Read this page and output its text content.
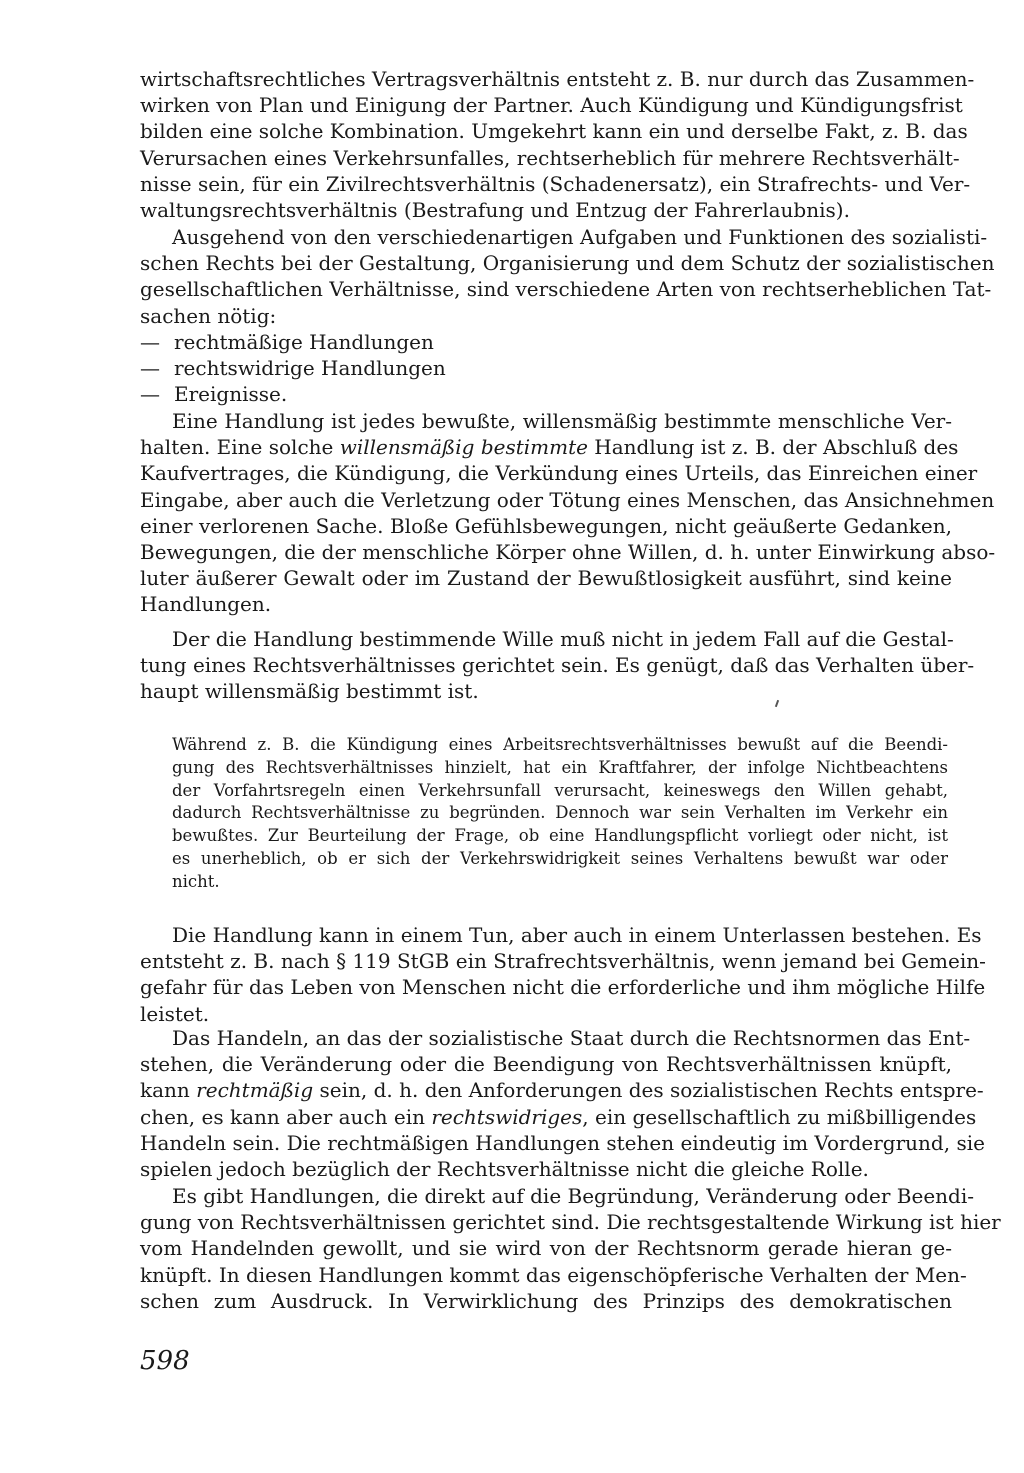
wirtschaftsrechtliches Vertragsverhältnis entsteht z. B. nur durch das Zusammen-
wirken von Plan und Einigung der Partner. Auch Kündigung und Kündigungsfrist
bilden eine solche Kombination. Umgekehrt kann ein und derselbe Fakt, z. B. das
Verursachen eines Verkehrsunfalles, rechtserheblich für mehrere Rechtsverhält-
nisse sein, für ein Zivilrechtsverhältnis (Schadenersatz), ein Strafrechts- und Ver-
waltungsrechtsverhältnis (Bestrafung und Entzug der Fahrerlaubnis).
Ausgehend von den verschiedenartigen Aufgaben und Funktionen des sozialisti-
schen Rechts bei der Gestaltung, Organisierung und dem Schutz der sozialistischen
gesellschaftlichen Verhältnisse, sind verschiedene Arten von rechtserheblichen Tat-
sachen nötig:
— rechtmäßige Handlungen
— rechtswidrige Handlungen
— Ereignisse.
Eine Handlung ist jedes bewußte, willensmäßig bestimmte menschliche Ver-
halten. Eine solche willensmäßig bestimmte Handlung ist z. B. der Abschluß des
Kaufvertrages, die Kündigung, die Verkündung eines Urteils, das Einreichen einer
Eingabe, aber auch die Verletzung oder Tötung eines Menschen, das Ansichnehmen
einer verlorenen Sache. Bloße Gefühlsbewegungen, nicht geäußerte Gedanken,
Bewegungen, die der menschliche Körper ohne Willen, d. h. unter Einwirkung abso-
luter äußerer Gewalt oder im Zustand der Bewußtlosigkeit ausführt, sind keine
Handlungen.
Der die Handlung bestimmende Wille muß nicht in jedem Fall auf die Gestal-
tung eines Rechtsverhältnisses gerichtet sein. Es genügt, daß das Verhalten über-
haupt willensmäßig bestimmt ist.
Während z. B. die Kündigung eines Arbeitsrechtsverhältnisses bewußt auf die Beendi-
gung des Rechtsverhältnisses hinzielt, hat ein Kraftfahrer, der infolge Nichtbeachtens
der Vorfahrtsregeln einen Verkehrsunfall verursacht, keineswegs den Willen gehabt,
dadurch Rechtsverhältnisse zu begründen. Dennoch war sein Verhalten im Verkehr ein
bewußtes. Zur Beurteilung der Frage, ob eine Handlungspflicht vorliegt oder nicht, ist
es unerheblich, ob er sich der Verkehrswidrigkeit seines Verhaltens bewußt war oder
nicht.
Die Handlung kann in einem Tun, aber auch in einem Unterlassen bestehen. Es
entsteht z. B. nach § 119 StGB ein Strafrechtsverhältnis, wenn jemand bei Gemein-
gefahr für das Leben von Menschen nicht die erforderliche und ihm mögliche Hilfe
leistet.
Das Handeln, an das der sozialistische Staat durch die Rechtsnormen das Ent-
stehen, die Veränderung oder die Beendigung von Rechtsverhältnissen knüpft,
kann rechtmäßig sein, d. h. den Anforderungen des sozialistischen Rechts entspre-
chen, es kann aber auch ein rechtswidriges, ein gesellschaftlich zu mißbilligendes
Handeln sein. Die rechtmäßigen Handlungen stehen eindeutig im Vordergrund, sie
spielen jedoch bezüglich der Rechtsverhältnisse nicht die gleiche Rolle.
Es gibt Handlungen, die direkt auf die Begründung, Veränderung oder Beendi-
gung von Rechtsverhältnissen gerichtet sind. Die rechtsgestaltende Wirkung ist hier
vom Handelnden gewollt, und sie wird von der Rechtsnorm gerade hieran ge-
knüpft. In diesen Handlungen kommt das eigenschöpferische Verhalten der Men-
schen zum Ausdruck. In Verwirklichung des Prinzips des demokratischen
598
